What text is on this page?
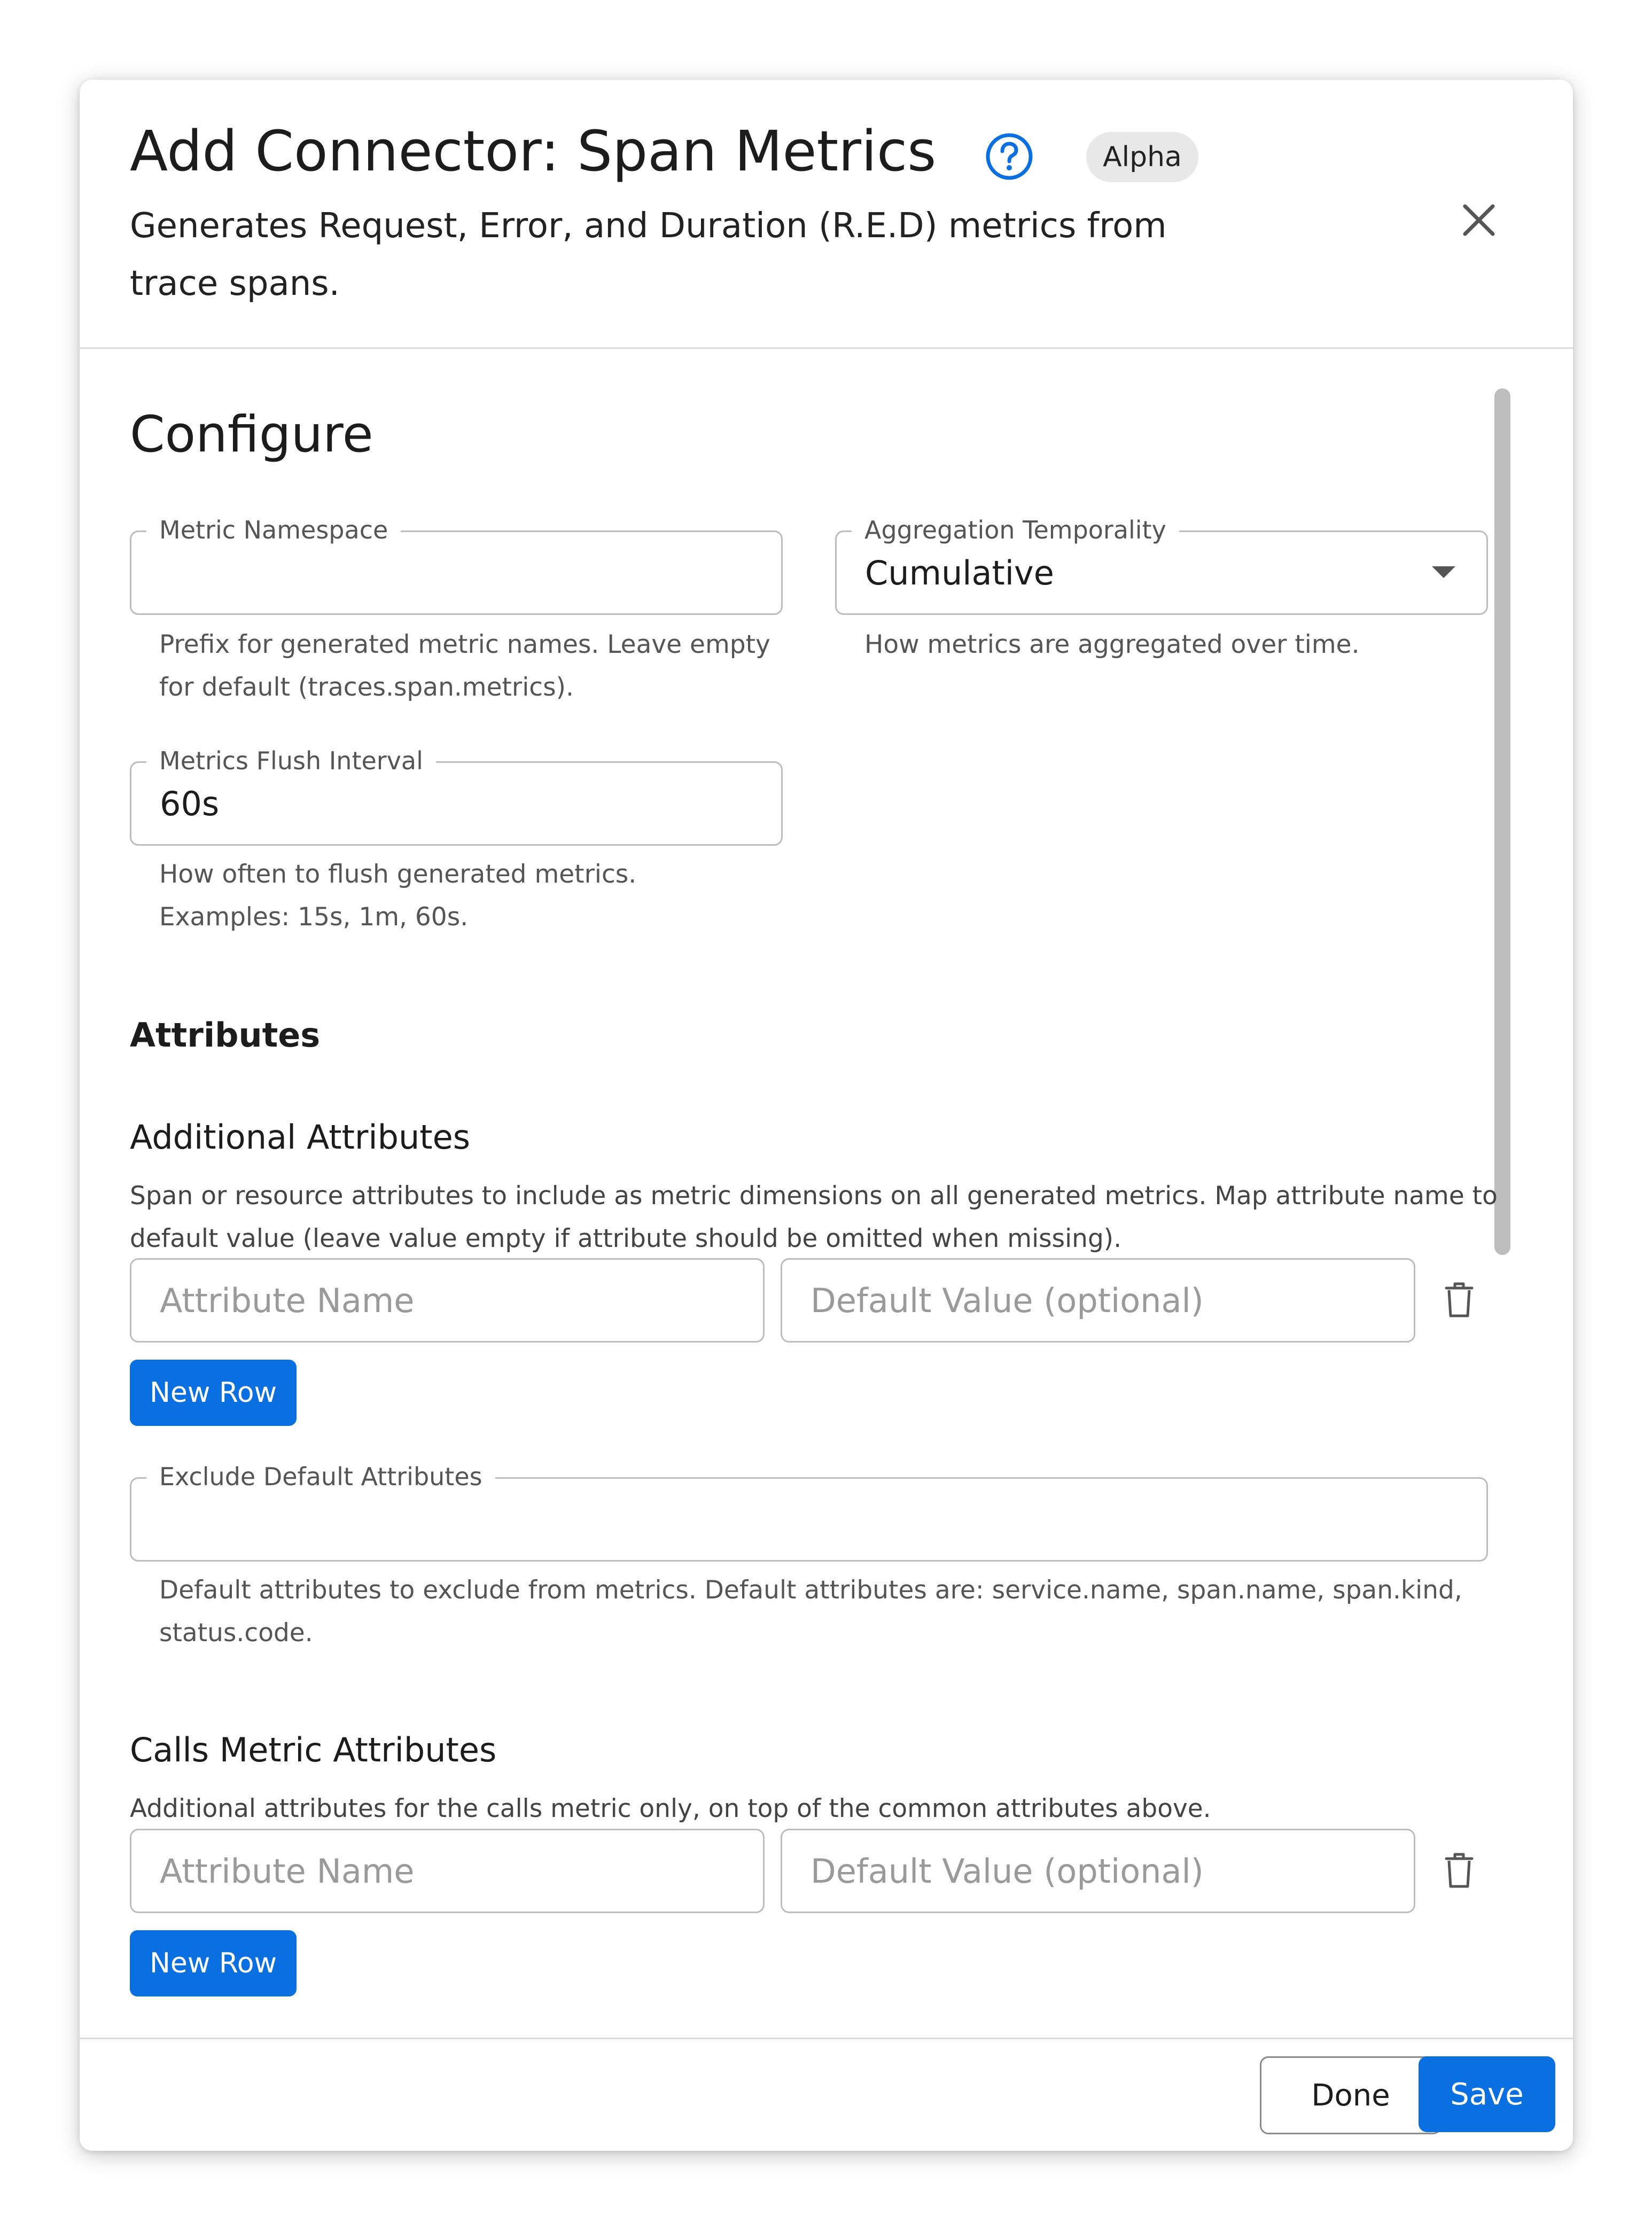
Add Connector: Span Metrics	Alpha
Generates Request, Error, and Duration (R.E.D) metrics from trace spans.
Configure
Metric Namespace
Prefix for generated metric names. Leave empty for default (traces.span.metrics).
Cumulative
Aggregation Temporality
How metrics are aggregated over time.
60s
Metrics Flush Interval
How often to flush generated metrics.
Examples: 15s, 1m, 60s.
Attributes
Additional Attributes
Span or resource attributes to include as metric dimensions on all generated metrics. Map attribute name to default value (leave value empty if attribute should be omitted when missing).
Attribute Name	Default Value (optional)
New Row
Exclude Default Attributes
Default attributes to exclude from metrics. Default attributes are: service.name, span.name, span.kind, status.code.
Calls Metric Attributes
Additional attributes for the calls metric only, on top of the common attributes above.
Attribute Name	Default Value (optional)
New Row
Done	Save
